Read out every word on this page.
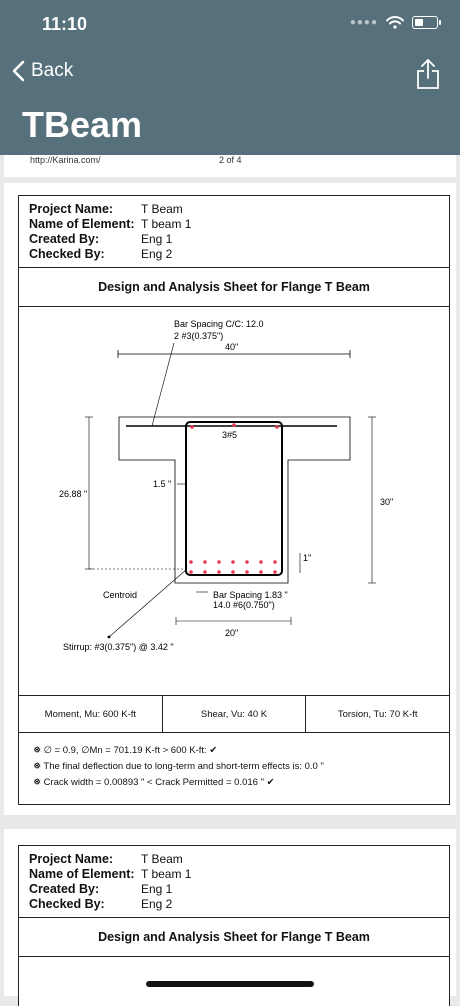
11:10	●●●●
Back
TBeam
http://Karina.com/	2 of 4
Project Name:	T Beam
Name of Element: T beam 1
Created By:	Eng 1
Checked By:	Eng 2
Design and Analysis Sheet for Flange T Beam
Bar Spacing C/C: 12.0
2 #3(0.375")
40"
3#5
1.5 "
26.88 "
Centroid
30"
1"
Bar Spacing 1.83 "
14.0 #6(0.750")
20"
Stirrup: #3(0.375") @ 3.42 "
Moment, Mu: 600 K-ft	Shear, Vu: 40 K	Torsion, Tu: 70 K-ft
❅ ∅ = 0.9, ∅Mn = 701.19 K-ft > 600 K-ft: ✔
❅ The final deflection due to long-term and short-term effects is: 0.0 "
❅ Crack width = 0.00893 " < Crack Permitted = 0.016 " ✔
Project Name:	T Beam
Name of Element: T beam 1
Created By:	Eng 1
Checked By:	Eng 2
Design and Analysis Sheet for Flange T Beam
